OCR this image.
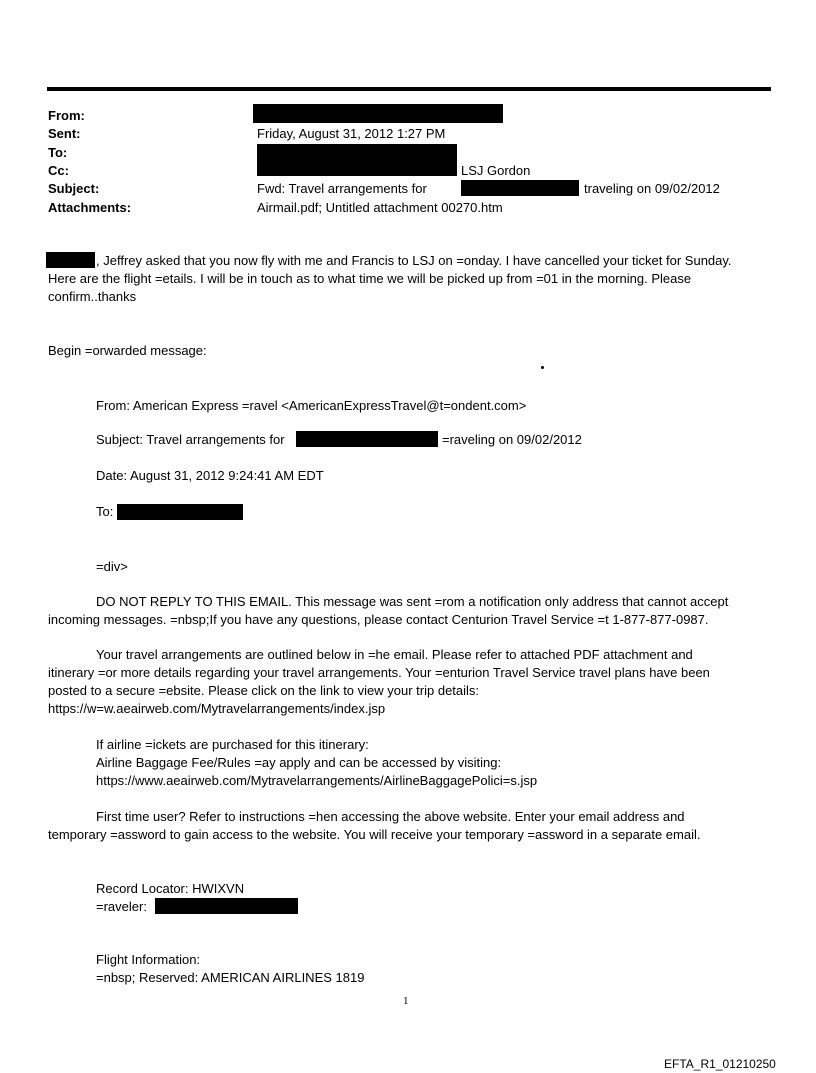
From:
Sent:
To:
Cc:
Subject:
Attachments:
Friday, August 31, 2012 1:27 PM
LSJ Gordon
Fwd: Travel arrangements for	traveling on 09/02/2012
Airmail.pdf; Untitled attachment 00270.htm
, Jeffrey asked that you now fly with me and Francis to LSJ on =onday. I have cancelled your ticket for Sunday.
Here are the flight =etails. I will be in touch as to what time we will be picked up from =01 in the morning. Please
confirm..thanks
Begin =orwarded message:
From: American Express =ravel <AmericanExpressTravel@t=ondent.com>
Subject: Travel arrangements for	=raveling on 09/02/2012
Date: August 31, 2012 9:24:41 AM EDT
To:
=div>
DO NOT REPLY TO THIS EMAIL. This message was sent =rom a notification only address that cannot accept
incoming messages. =nbsp;If you have any questions, please contact Centurion Travel Service =t 1-877-877-0987.
Your travel arrangements are outlined below in =he email. Please refer to attached PDF attachment and
itinerary =or more details regarding your travel arrangements. Your =enturion Travel Service travel plans have been
posted to a secure =ebsite. Please click on the link to view your trip details:
https://w=w.aeairweb.com/Mytravelarrangements/index.jsp
If airline =ickets are purchased for this itinerary:
Airline Baggage Fee/Rules =ay apply and can be accessed by visiting:
https://www.aeairweb.com/Mytravelarrangements/AirlineBaggagePolici=s.jsp
First time user? Refer to instructions =hen accessing the above website. Enter your email address and
temporary =assword to gain access to the website. You will receive your temporary =assword in a separate email.
Record Locator: HWIXVN
=raveler:
Flight Information:
=nbsp; Reserved: AMERICAN AIRLINES 1819
1
EFTA_R1_01210250
